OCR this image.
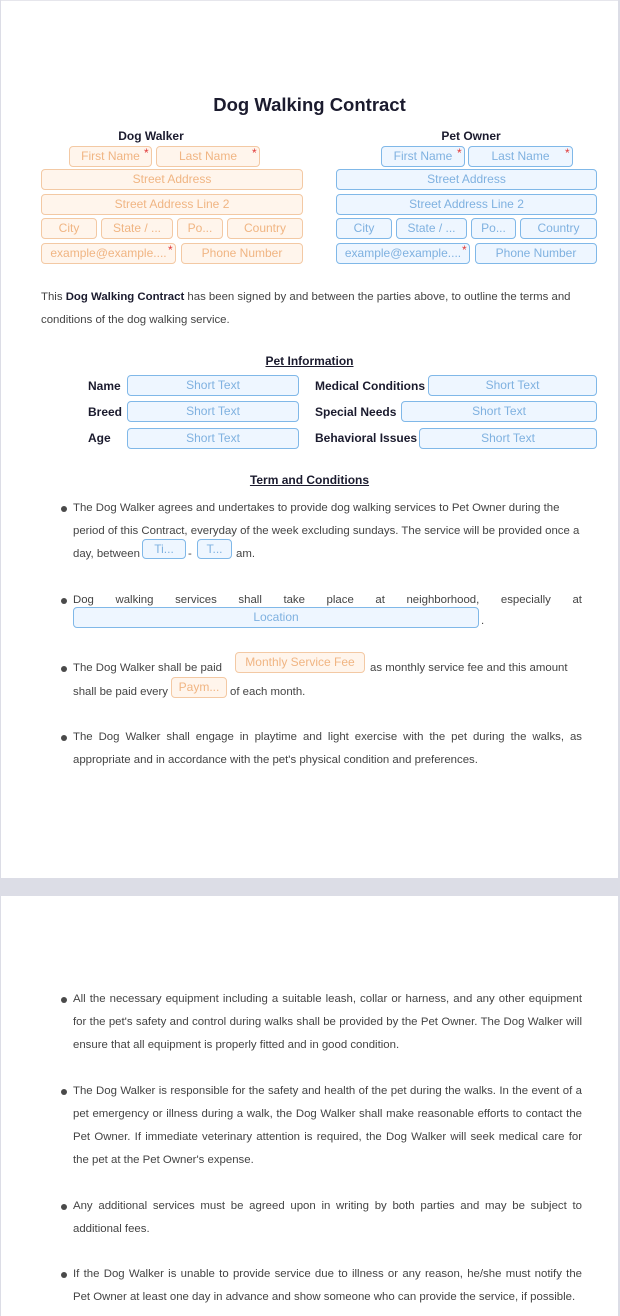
Dog Walking Contract
Dog Walker
First Name *	Last Name	*
Street Address
Street Address Line 2
City	State / ...	Po...	Country
example@example.... *	Phone Number
Pet Owner
First Name *	Last Name	*
Street Address
Street Address Line 2
City	State / ...	Po...	Country
example@example.... *	Phone Number
This Dog Walking Contract has been signed by and between the parties above, to outline the terms and conditions of the dog walking service.
Pet Information
Name	Short Text	Medical Conditions	Short Text
Breed	Short Text	Special Needs	Short Text
Age	Short Text	Behavioral Issues	Short Text
Term and Conditions
The Dog Walker agrees and undertakes to provide dog walking services to Pet Owner during the
period of this Contract, everyday of the week excluding sundays. The service will be provided once a
day, between	Ti...	-	T...	am.
Dog walking services shall take place at neighborhood, especially at
Location	.
The Dog Walker shall be paid	Monthly Service Fee	as monthly service fee and this amount
shall be paid every Paym... of each month.
The Dog Walker shall engage in playtime and light exercise with the pet during the walks, as appropriate and in accordance with the pet's physical condition and preferences.
All the necessary equipment including a suitable leash, collar or harness, and any other equipment for the pet's safety and control during walks shall be provided by the Pet Owner. The Dog Walker will ensure that all equipment is properly fitted and in good condition.
The Dog Walker is responsible for the safety and health of the pet during the walks. In the event of a pet emergency or illness during a walk, the Dog Walker shall make reasonable efforts to contact the Pet Owner. If immediate veterinary attention is required, the Dog Walker will seek medical care for the pet at the Pet Owner's expense.
Any additional services must be agreed upon in writing by both parties and may be subject to additional fees.
If the Dog Walker is unable to provide service due to illness or any reason, he/she must notify the Pet Owner at least one day in advance and show someone who can provide the service, if possible.
